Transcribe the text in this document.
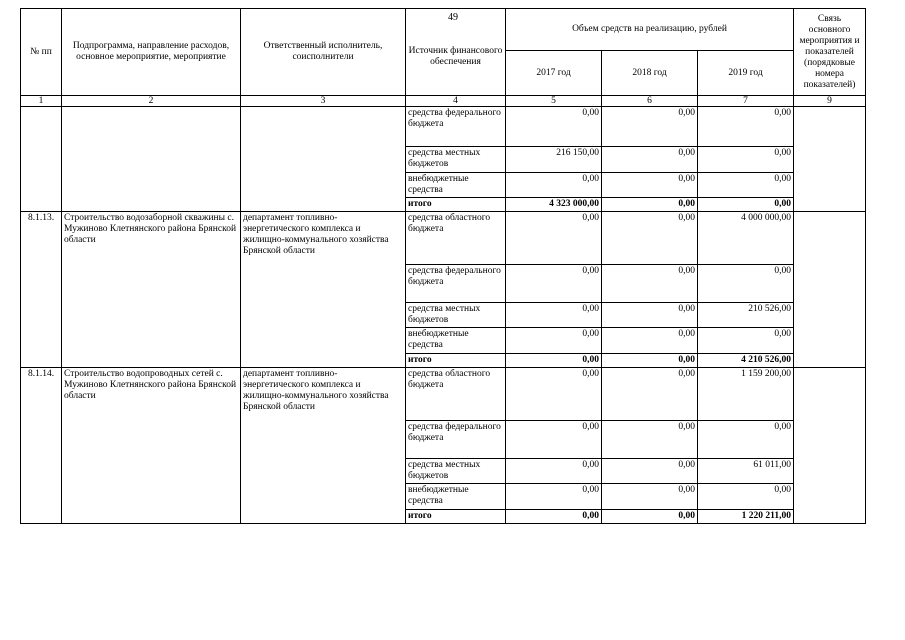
49
№ пп	Подпрограмма, направление расходов, основное мероприятие, мероприятие	Ответственный исполнитель, соисполнители	Источник финансового обеспечения	Объем средств на реализацию, рублей			Связь основного мероприятия и показателей (порядковые номера показателей)
				2017 год	2018 год	2019 год	
1	2	3	4	5	6	7	9
			средства федерального бюджета	0,00	0,00	0,00	
			средства местных бюджетов	216 150,00	0,00	0,00	
			внебюджетные средства	0,00	0,00	0,00	
			итого	4 323 000,00	0,00	0,00	
8.1.13.	Строительство водозаборной скважины с. Мужиново Клетнянского района Брянской области	департамент топливно-энергетического комплекса и жилищно-коммунального хозяйства Брянской области	средства областного бюджета	0,00	0,00	4 000 000,00	
			средства федерального бюджета	0,00	0,00	0,00	
			средства местных бюджетов	0,00	0,00	210 526,00	
			внебюджетные средства	0,00	0,00	0,00	
			итого	0,00	0,00	4 210 526,00	
8.1.14.	Строительство водопроводных сетей с. Мужиново Клетнянского района Брянской области	департамент топливно-энергетического комплекса и жилищно-коммунального хозяйства Брянской области	средства областного бюджета	0,00	0,00	1 159 200,00	
			средства федерального бюджета	0,00	0,00	0,00	
			средства местных бюджетов	0,00	0,00	61 011,00	
			внебюджетные средства	0,00	0,00	0,00	
			итого	0,00	0,00	1 220 211,00	
